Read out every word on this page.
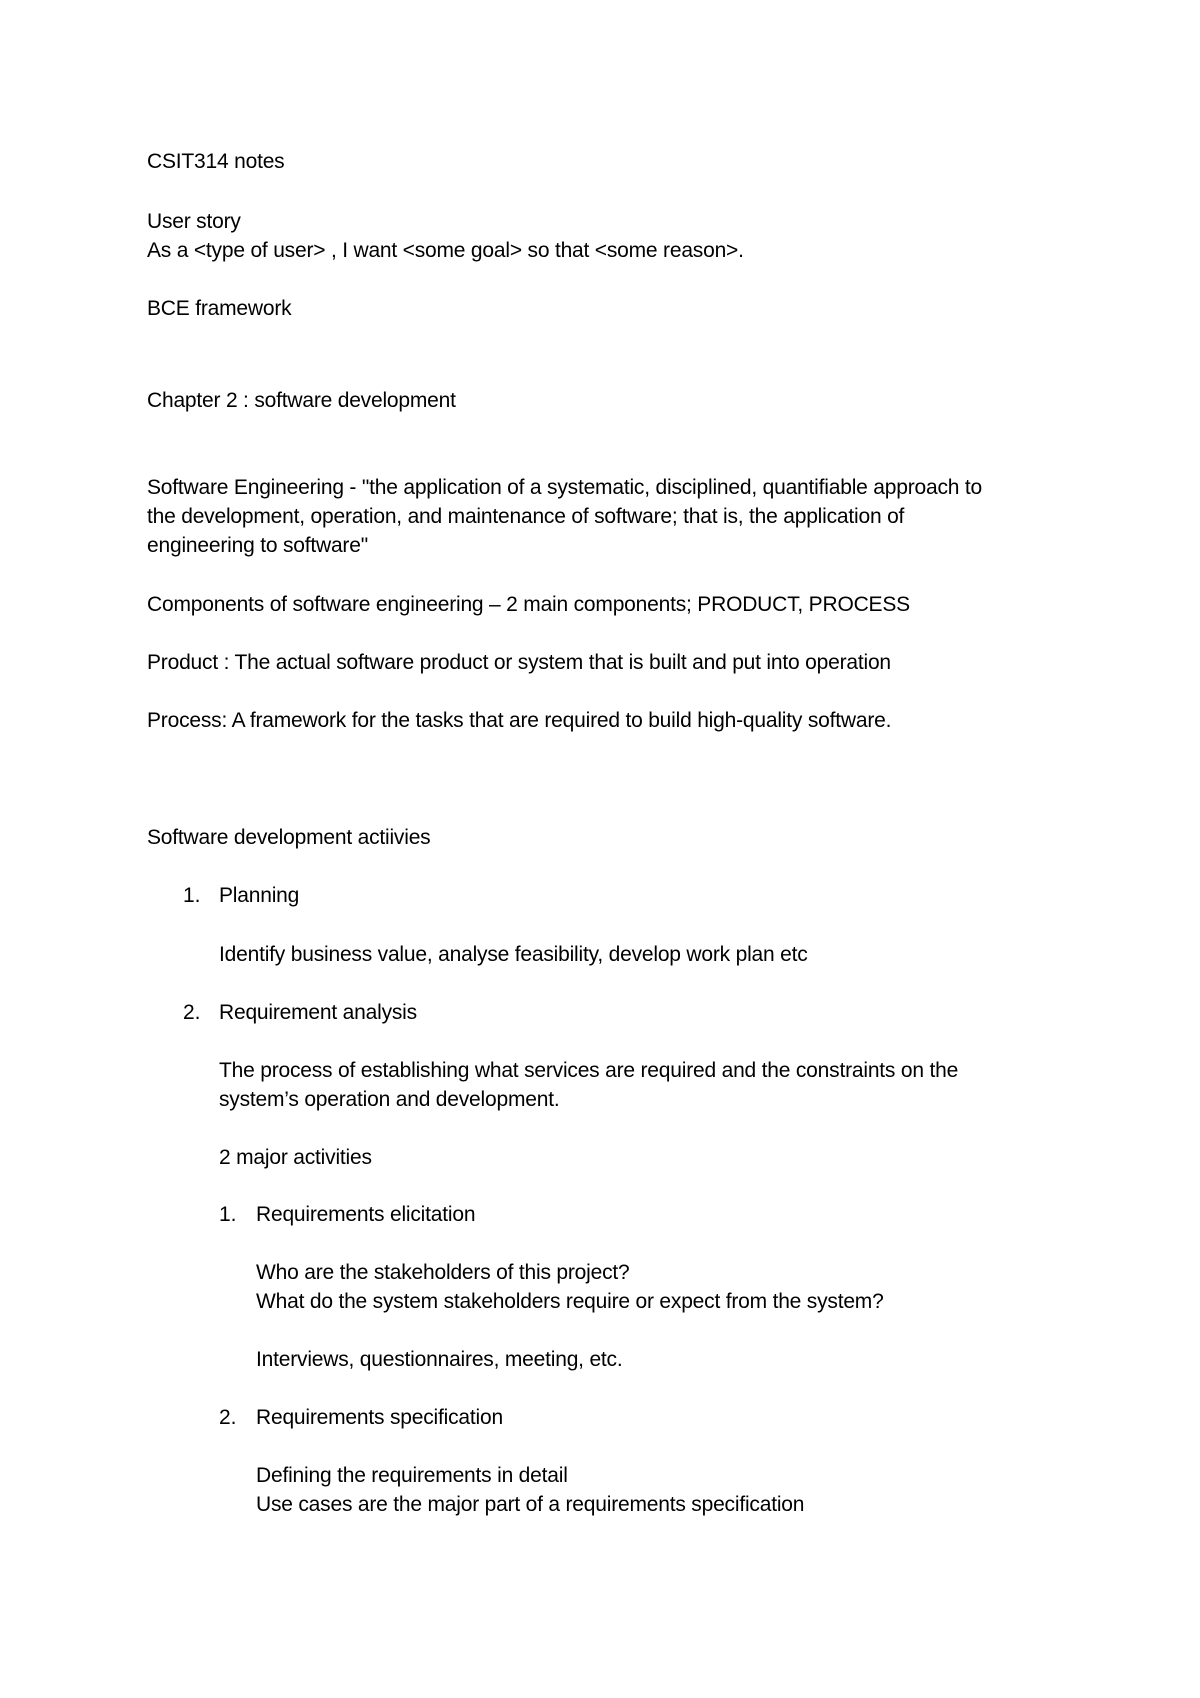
CSIT314 notes
User story
As a <type of user> , I want <some goal> so that <some reason>.
BCE framework
Chapter 2 : software development
Software Engineering - "the application of a systematic, disciplined, quantifiable approach to
the development, operation, and maintenance of software; that is, the application of
engineering to software"
Components of software engineering – 2 main components; PRODUCT, PROCESS
Product : The actual software product or system that is built and put into operation
Process: A framework for the tasks that are required to build high-quality software.
Software development actiivies
1. Planning
Identify business value, analyse feasibility, develop work plan etc
2. Requirement analysis
The process of establishing what services are required and the constraints on the
system’s operation and development.
2 major activities
1. Requirements elicitation
Who are the stakeholders of this project?
What do the system stakeholders require or expect from the system?
Interviews, questionnaires, meeting, etc.
2. Requirements specification
Defining the requirements in detail
Use cases are the major part of a requirements specification
